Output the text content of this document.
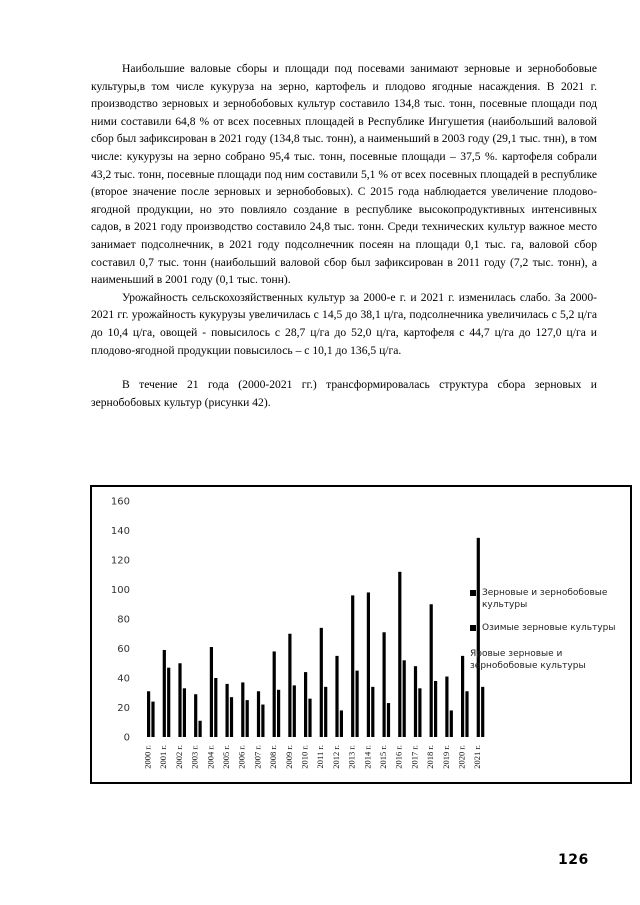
Наибольшие валовые сборы и площади под посевами занимают зерновые и зернобобовые культуры,в том числе кукуруза на зерно, картофель и плодово ягодные насаждения. В 2021 г. производство зерновых и зернобобовых культур составило 134,8 тыс. тонн, посевные площади под ними составили 64,8 % от всех посевных площадей в Республике Ингушетия (наибольший валовой сбор был зафиксирован в 2021 году (134,8 тыс. тонн), а наименьший в 2003 году (29,1 тыс. тнн), в том числе: кукурузы на зерно собрано 95,4 тыс. тонн, посевные площади – 37,5 %. картофеля собрали 43,2 тыс. тонн, посевные площади под ним составили 5,1 % от всех посевных площадей в республике (второе значение после зерновых и зернобобовых). С 2015 года наблюдается увеличение плодово-ягодной продукции, но это повлияло создание в республике высокопродуктивных интенсивных садов, в 2021 году производство составило 24,8 тыс. тонн. Среди технических культур важное место занимает подсолнечник, в 2021 году подсолнечник посеян на площади 0,1 тыс. га, валовой сбор составил 0,7 тыс. тонн (наибольший валовой сбор был зафиксирован в 2011 году (7,2 тыс. тонн), а наименьший в 2001 году (0,1 тыс. тонн).

Урожайность сельскохозяйственных культур за 2000-е г. и 2021 г. изменилась слабо. За 2000-2021 гг. урожайность кукурузы увеличилась с 14,5 до 38,1 ц/га, подсолнечника увеличилась с 5,2 ц/га до 10,4 ц/га, овощей - повысилось с 28,7 ц/га до 52,0 ц/га, картофеля с 44,7 ц/га до 127,0 ц/га и плодово-ягодной продукции повысилось – с 10,1 до 136,5 ц/га.

В течение 21 года (2000-2021 гг.) трансформировалась структура сбора зерновых и зернобобовых культур (рисунки 42).

0
20
40
60
80
100
120
140
160
2000 г. 2001 г. 2002 г. 2003 г. 2004 г. 2005 г. 2006 г. 2007 г. 2008 г. 2009 г. 2010 г. 2011 г. 2012 г. 2013 г. 2014 г. 2015 г. 2016 г. 2017 г. 2018 г. 2019 г. 2020 г. 2021 г.
Зерновые и зернобобовые культуры
Озимые зерновые культуры
Яровые зерновые и зернобобовые культуры
126
